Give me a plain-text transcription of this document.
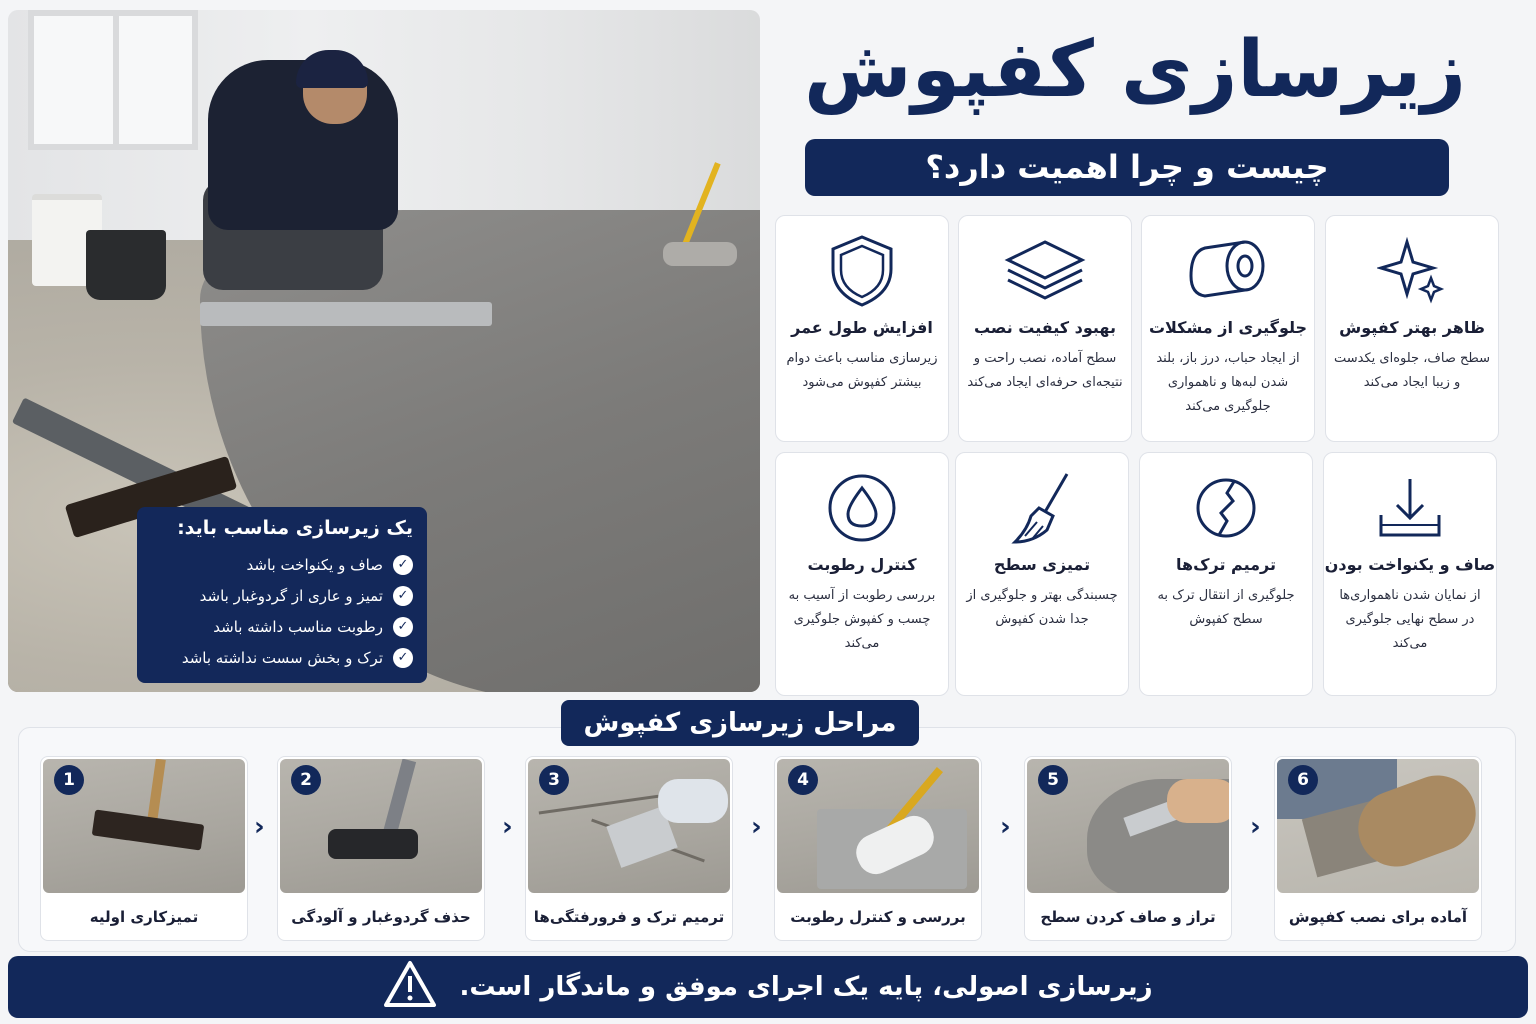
یک زیرسازی مناسب باید:
✓
صاف و یکنواخت باشد
✓
تمیز و عاری از گردوغبار باشد
✓
رطوبت مناسب داشته باشد
✓
ترک و بخش سست نداشته باشد
زیرسازی کفپوش
چیست و چرا اهمیت دارد؟
ظاهر بهتر کفپوش
سطح صاف، جلوه‌ای یکدست و زیبا ایجاد می‌کند
جلوگیری از مشکلات
از ایجاد حباب، درز باز، بلند شدن لبه‌ها و ناهمواری جلوگیری می‌کند
بهبود کیفیت نصب
سطح آماده، نصب راحت و نتیجه‌ای حرفه‌ای ایجاد می‌کند
افزایش طول عمر
زیرسازی مناسب باعث دوام بیشتر کفپوش می‌شود
صاف و یکنواخت بودن
از نمایان شدن ناهمواری‌ها در سطح نهایی جلوگیری می‌کند
ترمیم ترک‌ها
جلوگیری از انتقال ترک به سطح کفپوش
تمیزی سطح
چسبندگی بهتر و جلوگیری از جدا شدن کفپوش
کنترل رطوبت
بررسی رطوبت از آسیب به چسب و کفپوش جلوگیری می‌کند
مراحل زیرسازی کفپوش
1
تمیزکاری اولیه
›
2
حذف گردوغبار و آلودگی
›
3
ترمیم ترک و فرورفتگی‌ها
›
4
بررسی و کنترل رطوبت
›
5
تراز و صاف کردن سطح
›
6
آماده برای نصب کفپوش
زیرسازی اصولی، پایه یک اجرای موفق و ماندگار است.
